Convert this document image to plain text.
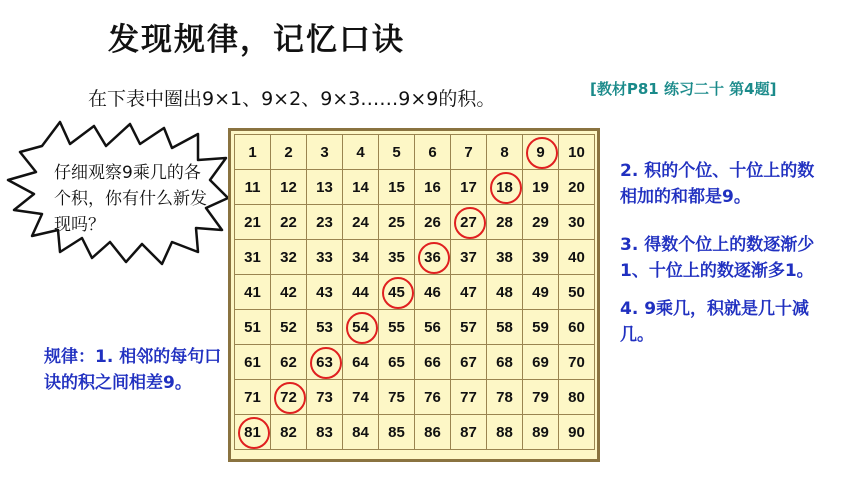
发现规律，记忆口诀
在下表中圈出9×1、9×2、9×3……9×9的积。	[教材P81 练习二十 第4题]
仔细观察9乘几的各个积，你有什么新发现吗？
1	2	3	4	5	6	7	8	9	10
11	12	13	14	15	16	17	18	19	20
21	22	23	24	25	26	27	28	29	30
31	32	33	34	35	36	37	38	39	40
41	42	43	44	45	46	47	48	49	50
51	52	53	54	55	56	57	58	59	60
61	62	63	64	65	66	67	68	69	70
71	72	73	74	75	76	77	78	79	80

81	82	83	84	85	86	87	88	89	90
规律：1. 相邻的每句口诀的积之间相差9。
2. 积的个位、十位上的数相加的和都是9。
3. 得数个位上的数逐渐少1、十位上的数逐渐多1。
4. 9乘几，积就是几十减几。
